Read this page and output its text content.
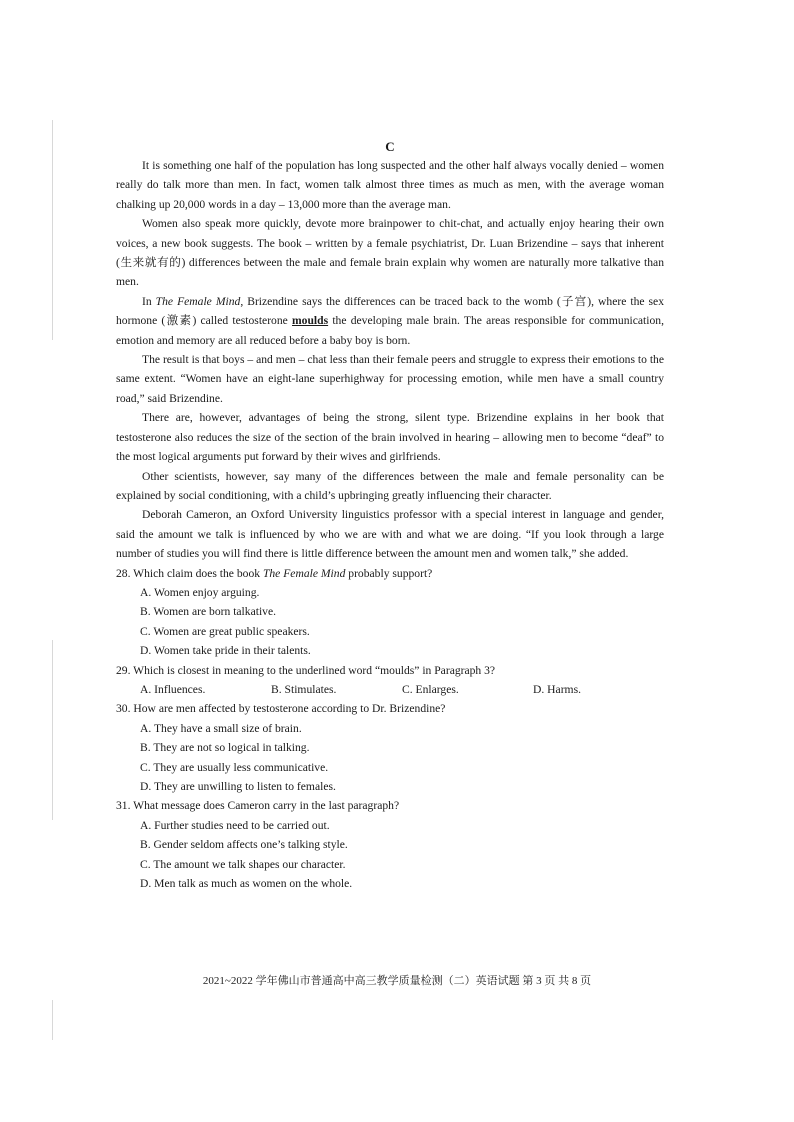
C

It is something one half of the population has long suspected and the other half always vocally denied – women really do talk more than men. In fact, women talk almost three times as much as men, with the average woman chalking up 20,000 words in a day – 13,000 more than the average man.

Women also speak more quickly, devote more brainpower to chit-chat, and actually enjoy hearing their own voices, a new book suggests. The book – written by a female psychiatrist, Dr. Luan Brizendine – says that inherent (生来就有的) differences between the male and female brain explain why women are naturally more talkative than men.

In The Female Mind, Brizendine says the differences can be traced back to the womb (子宫), where the sex hormone (激素) called testosterone moulds the developing male brain. The areas responsible for communication, emotion and memory are all reduced before a baby boy is born.

The result is that boys – and men – chat less than their female peers and struggle to express their emotions to the same extent. “Women have an eight-lane superhighway for processing emotion, while men have a small country road,” said Brizendine.

There are, however, advantages of being the strong, silent type. Brizendine explains in her book that testosterone also reduces the size of the section of the brain involved in hearing – allowing men to become “deaf” to the most logical arguments put forward by their wives and girlfriends.

Other scientists, however, say many of the differences between the male and female personality can be explained by social conditioning, with a child’s upbringing greatly influencing their character.

Deborah Cameron, an Oxford University linguistics professor with a special interest in language and gender, said the amount we talk is influenced by who we are with and what we are doing. “If you look through a large number of studies you will find there is little difference between the amount men and women talk,” she added.

28. Which claim does the book The Female Mind probably support?

A. Women enjoy arguing.

B. Women are born talkative.

C. Women are great public speakers.

D. Women take pride in their talents.

29. Which is closest in meaning to the underlined word “moulds” in Paragraph 3?

A. Influences.	B. Stimulates.	C. Enlarges.	D. Harms.

30. How are men affected by testosterone according to Dr. Brizendine?

A. They have a small size of brain.

B. They are not so logical in talking.

C. They are usually less communicative.

D. They are unwilling to listen to females.

31. What message does Cameron carry in the last paragraph?

A. Further studies need to be carried out.

B. Gender seldom affects one’s talking style.

C. The amount we talk shapes our character.

D. Men talk as much as women on the whole.

2021~2022 学年佛山市普通高中高三教学质量检测（二）英语试题 第 3 页 共 8 页
